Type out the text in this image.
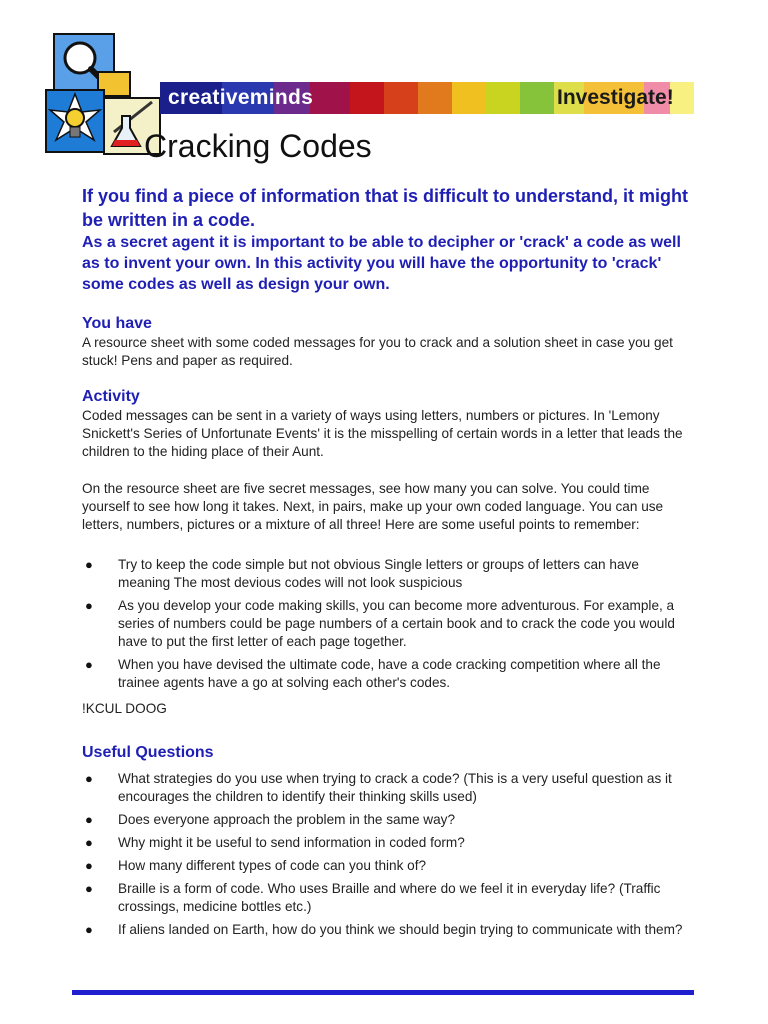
creativeminds	Investigate!
Cracking Codes

If you find a piece of information that is difficult to understand, it might be written in a code.

As a secret agent it is important to be able to decipher or 'crack' a code as well as to invent your own. In this activity you will have the opportunity to 'crack' some codes as well as design your own.

You have

A resource sheet with some coded messages for you to crack and a solution sheet in case you get stuck! Pens and paper as required.

Activity

Coded messages can be sent in a variety of ways using letters, numbers or pictures. In 'Lemony Snickett's Series of Unfortunate Events' it is the misspelling of certain words in a letter that leads the children to the hiding place of their Aunt.

On the resource sheet are five secret messages, see how many you can solve. You could time yourself to see how long it takes. Next, in pairs, make up your own coded language. You can use letters, numbers, pictures or a mixture of all three! Here are some useful points to remember:

● Try to keep the code simple but not obvious Single letters or groups of letters can have meaning The most devious codes will not look suspicious
● As you develop your code making skills, you can become more adventurous. For example, a series of numbers could be page numbers of a certain book and to crack the code you would have to put the first letter of each page together.
● When you have devised the ultimate code, have a code cracking competition where all the trainee agents have a go at solving each other's codes.

!KCUL DOOG

Useful Questions
● What strategies do you use when trying to crack a code? (This is a very useful question as it encourages the children to identify their thinking skills used)
● Does everyone approach the problem in the same way?
● Why might it be useful to send information in coded form?
● How many different types of code can you think of?
● Braille is a form of code. Who uses Braille and where do we feel it in everyday life? (Traffic crossings, medicine bottles etc.)
● If aliens landed on Earth, how do you think we should begin trying to communicate with them?
